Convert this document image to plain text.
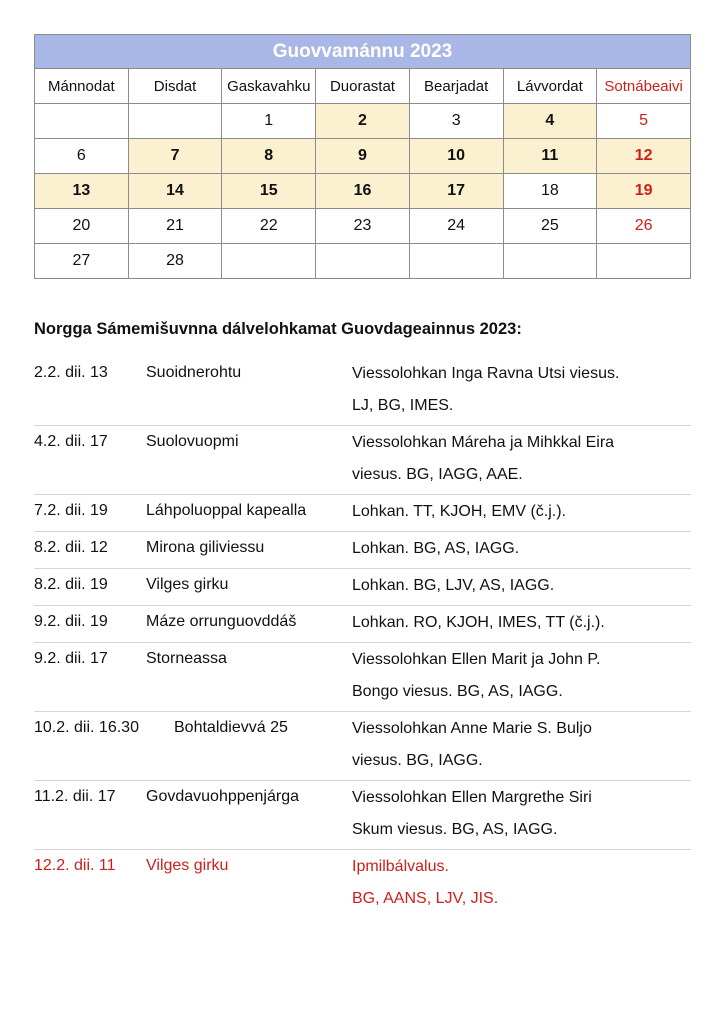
Guovvamánnu 2023						
Mánnodat	Disdat	Gaskavahku	Duorastat	Bearjadat	Lávvordat	Sotnábeaivi
		1	2	3	4	5
6	7	8	9	10	11	12
13	14	15	16	17	18	19
20	21	22	23	24	25	26
27	28					
Norgga Sámemišuvnna dálvelohkamat Guovdageainnus 2023:
2.2. dii. 13 Suoidnerohtu	Viessolohkan Inga Ravna Utsi viesus.
LJ, BG, IMES.
4.2. dii. 17 Suolovuopmi	Viessolohkan Máreha ja Mihkkal Eira
viesus. BG, IAGG, AAE.
7.2. dii. 19 Láhpoluoppal kapealla	Lohkan. TT, KJOH, EMV (č.j.).
8.2. dii. 12 Mirona giliviessu	Lohkan. BG, AS, IAGG.
8.2. dii. 19 Vilges girku	Lohkan. BG, LJV, AS, IAGG.
9.2. dii. 19 Máze orrunguovddáš	Lohkan. RO, KJOH, IMES, TT (č.j.).
9.2. dii. 17 Storneassa	Viessolohkan Ellen Marit ja John P.
Bongo viesus. BG, AS, IAGG.
10.2. dii. 16.30 Bohtaldievvá 25	Viessolohkan Anne Marie S. Buljo
viesus. BG, IAGG.
11.2. dii. 17 Govdavuohppenjárga	Viessolohkan Ellen Margrethe Siri
Skum viesus. BG, AS, IAGG.
12.2. dii. 11 Vilges girku	Ipmilbálvalus.
BG, AANS, LJV, JIS.
